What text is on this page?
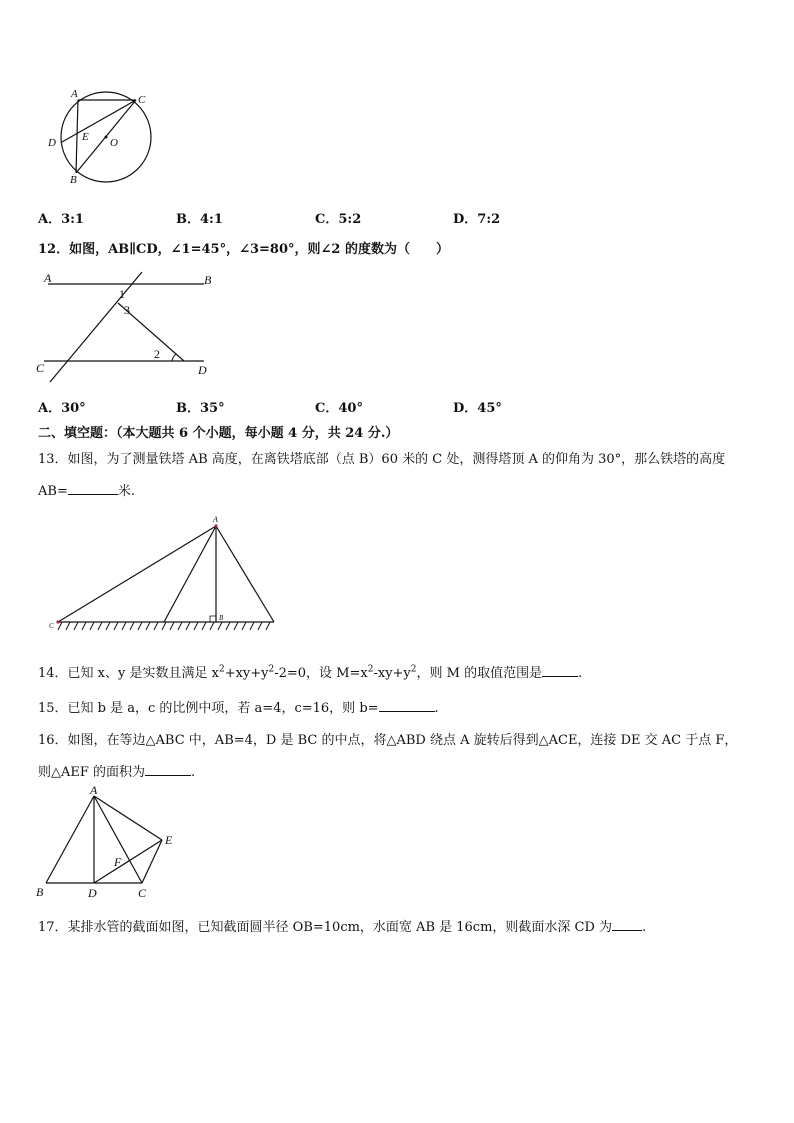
A	C
D E O
B
A．3:1	B．4:1	C．5:2	D．7:2
12．如图，AB∥CD，∠1=45°，∠3=80°，则∠2 的度数为（　　）
A	B
C	D
1
3
2
A．30°	B．35°	C．40°	D．45°
二、填空题：（本大题共 6 个小题，每小题 4 分，共 24 分.）
13．如图，为了测量铁塔 AB 高度，在离铁塔底部（点 B）60 米的 C 处，测得塔顶 A 的仰角为 30°，那么铁塔的高度
AB=	米.
A
B
C
14．已知 x、y 是实数且满足 $x^2+xy+y^2-2=0$，设 $M=x^2-xy+y^2$，则 M 的取值范围是	.
15．已知 b 是 a，c 的比例中项，若 a=4，c=16，则 b=	.
16．如图，在等边△ABC 中，AB=4，D 是 BC 的中点，将△ABD 绕点 A 旋转后得到△ACE，连接 DE 交 AC 于点 F，
则△AEF 的面积为	.
A
B	C
D
E
F
17．某排水管的截面如图，已知截面圆半径 OB=10cm，水面宽 AB 是 16cm，则截面水深 CD 为 .
